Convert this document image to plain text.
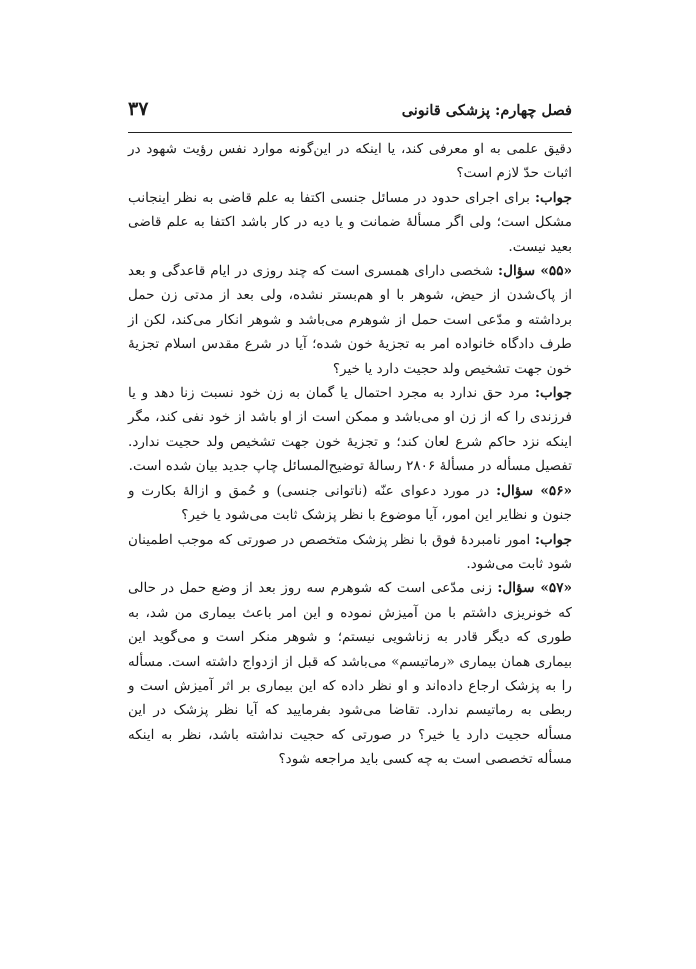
فصل چهارم: پزشکی قانونی
۳۷

دقیق علمی به او معرفی کند، یا اینکه در این‌گونه موارد نفس رؤیت شهود در اثبات حدّ لازم است؟

جواب: برای اجرای حدود در مسائل جنسی اکتفا به علم قاضی به نظر اینجانب مشکل است؛ ولی اگر مسألهٔ ضمانت و یا دیه در کار باشد اکتفا به علم قاضی بعید نیست.

«۵۵» سؤال: شخصی دارای همسری است که چند روزی در ایام قاعدگی و بعد از پاک‌شدن از حیض، شوهر با او هم‌بستر نشده، ولی بعد از مدتی زن حمل برداشته و مدّعی است حمل از شوهرم می‌باشد و شوهر انکار می‌کند، لکن از طرف دادگاه خانواده امر به تجزیهٔ خون شده؛ آیا در شرع مقدس اسلام تجزیهٔ خون جهت تشخیص ولد حجیت دارد یا خیر؟

جواب: مرد حق ندارد به مجرد احتمال یا گمان به زن خود نسبت زنا دهد و یا فرزندی را که از زن او می‌باشد و ممکن است از او باشد از خود نفی کند، مگر اینکه نزد حاکم شرع لعان کند؛ و تجزیهٔ خون جهت تشخیص ولد حجیت ندارد. تفصیل مسأله در مسألهٔ ۲۸۰۶ رسالهٔ توضیح‌المسائل چاپ جدید بیان شده است.

«۵۶» سؤال: در مورد دعوای عنّه (ناتوانی جنسی) و حُمق و ازالهٔ بکارت و جنون و نظایر این امور، آیا موضوع با نظر پزشک ثابت می‌شود یا خیر؟

جواب: امور نامبردهٔ فوق با نظر پزشک متخصص در صورتی که موجب اطمینان شود ثابت می‌شود.

«۵۷» سؤال: زنی مدّعی است که شوهرم سه روز بعد از وضع حمل در حالی که خونریزی داشتم با من آمیزش نموده و این امر باعث بیماری من شد، به طوری که دیگر قادر به زناشویی نیستم؛ و شوهر منکر است و می‌گوید این بیماری همان بیماری «رماتیسم» می‌باشد که قبل از ازدواج داشته است. مسأله را به پزشک ارجاع داده‌اند و او نظر داده که این بیماری بر اثر آمیزش است و ربطی به رماتیسم ندارد. تقاضا می‌شود بفرمایید که آیا نظر پزشک در این مسأله حجیت دارد یا خیر؟ در صورتی که حجیت نداشته باشد، نظر به اینکه مسأله تخصصی است به چه کسی باید مراجعه شود؟
